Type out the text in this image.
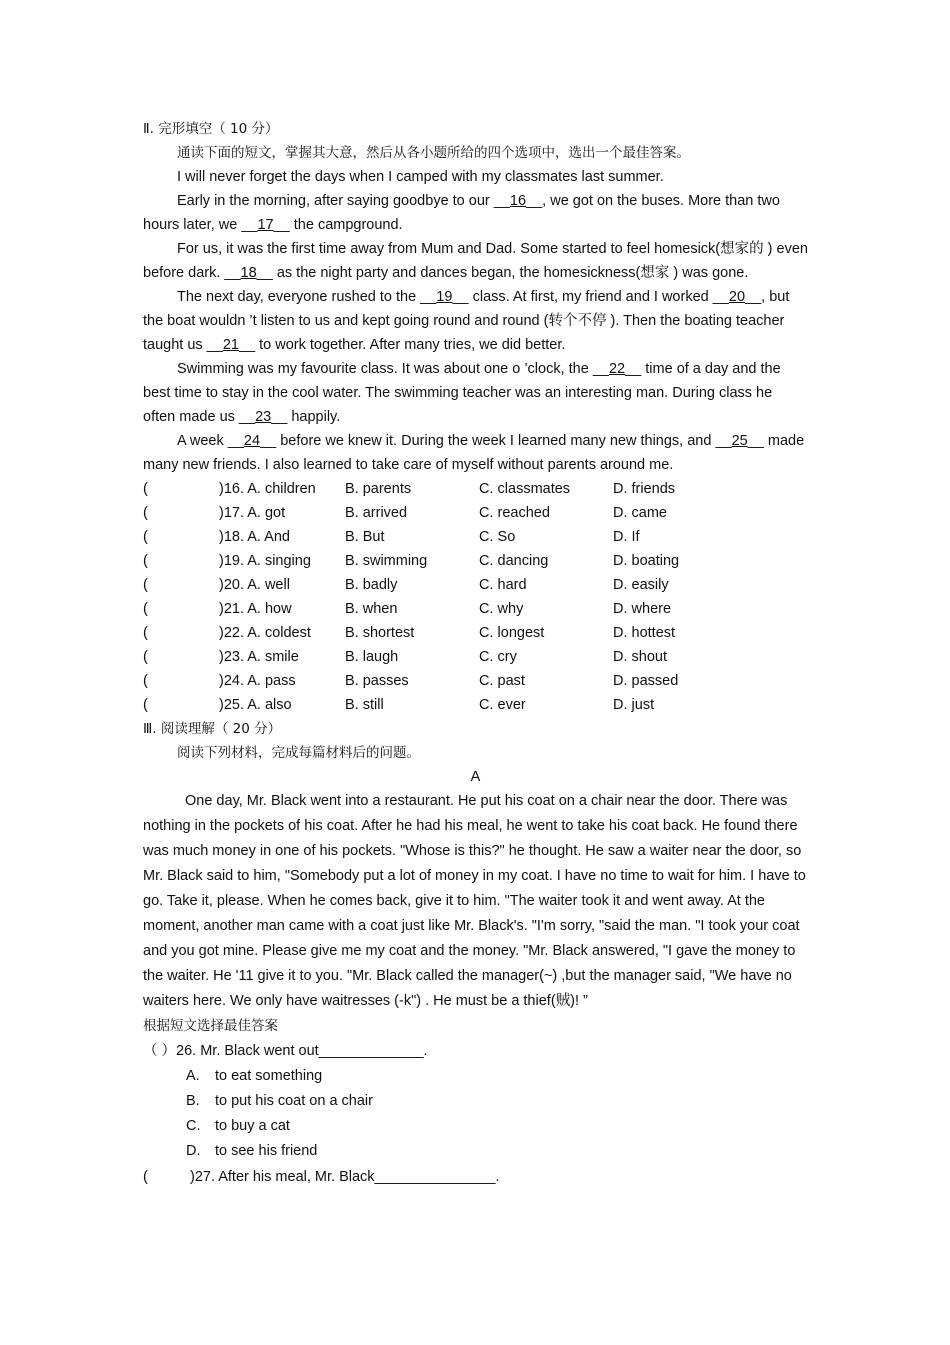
Ⅱ. 完形填空（ 10 分）
通读下面的短文，掌握其大意，然后从各小题所给的四个选项中，选出一个最佳答案。

I will never forget the days when I camped with my classmates last summer.

Early in the morning, after saying goodbye to our __16__, we got on the buses. More than two hours later, we __17__ the campground.

For us, it was the first time away from Mum and Dad. Some started to feel homesick(想家的 ) even before dark. __18__ as the night party and dances began, the homesickness(想家 ) was gone.

The next day, everyone rushed to the __19__ class. At first, my friend and I worked __20__, but the boat wouldn ’t listen to us and kept going round and round (转个不停 ). Then the boating teacher taught us __21__ to work together. After many tries, we did better.

Swimming was my favourite class. It was about one o ’clock, the __22__ time of a day and the best time to stay in the cool water. The swimming teacher was an interesting man. During class he often made us __23__ happily.

A week __24__ before we knew it. During the week I learned many new things, and __25__ made many new friends. I also learned to take care of myself without parents around me.

(	)16. A. children	B. parents	C. classmates	D. friends
(	)17. A. got	B. arrived	C. reached	D. came
(	)18. A. And	B. But	C. So	D. If
(	)19. A. singing	B. swimming	C. dancing	D. boating
(	)20. A. well	B. badly	C. hard	D. easily
(	)21. A. how	B. when	C. why	D. where
(	)22. A. coldest	B. shortest	C. longest	D. hottest
(	)23. A. smile	B. laugh	C. cry	D. shout
(	)24. A. pass	B. passes	C. past	D. passed
(	)25. A. also	B. still	C. ever	D. just
Ⅲ. 阅读理解（ 20 分）
阅读下列材料，完成每篇材料后的问题。
A

One day, Mr. Black went into a restaurant. He put his coat on a chair near the door. There was nothing in the pockets of his coat. After he had his meal, he went to take his coat back. He found there was much money in one of his pockets. "Whose is this?" he thought. He saw a waiter near the door, so Mr. Black said to him, "Somebody put a lot of money in my coat. I have no time to wait for him. I have to go. Take it, please. When he comes back, give it to him. "The waiter took it and went away. At the moment, another man came with a coat just like Mr. Black's. "I'm sorry, "said the man. "I took your coat and you got mine. Please give me my coat and the money. "Mr. Black answered, "I gave the money to the waiter. He '11 give it to you. "Mr. Black called the manager(~) ,but the manager said, "We have no waiters here. We only have waitresses (-k") . He must be a thief(贼)! ”

根据短文选择最佳答案
（ ）26. Mr. Black went out_____________.
A.	to eat something
B.	to put his coat on a chair
C.	to buy a cat
D.	to see his friend
(	)27. After his meal, Mr. Black_______________.
